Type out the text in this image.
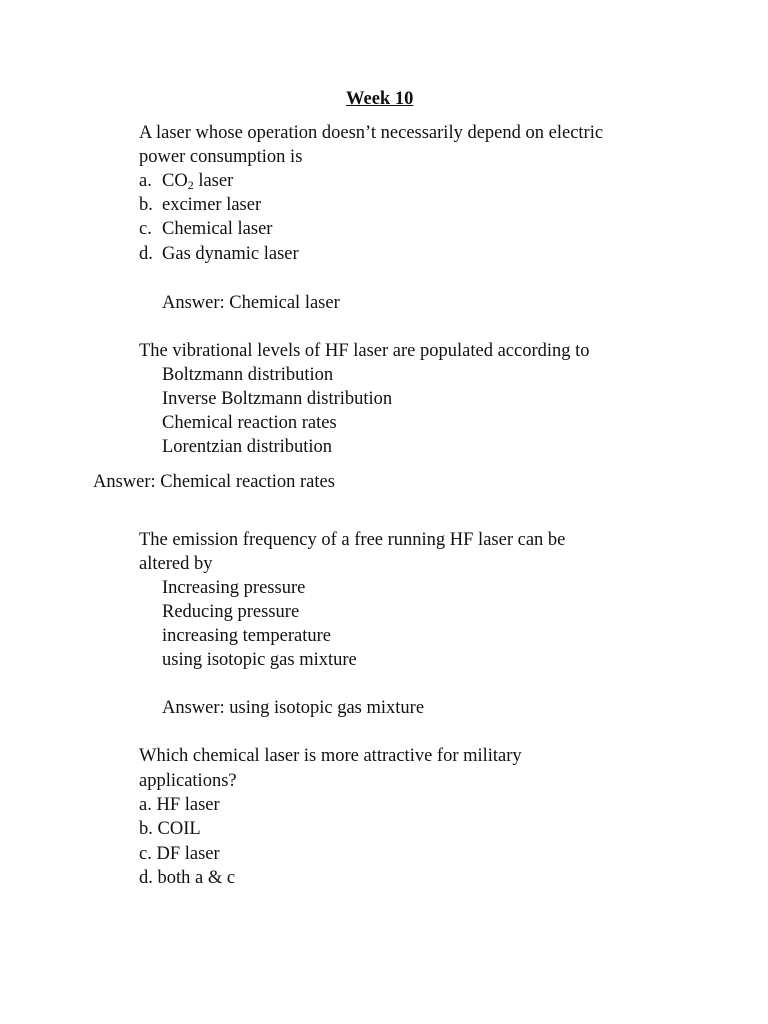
Week 10
A laser whose operation doesn’t necessarily depend on electric
power consumption is
a. $CO_2$ laser
b. excimer laser
c. Chemical laser
d. Gas dynamic laser
Answer: Chemical laser
The vibrational levels of HF laser are populated according to
Boltzmann distribution
Inverse Boltzmann distribution
Chemical reaction rates
Lorentzian distribution
Answer: Chemical reaction rates
The emission frequency of a free running HF laser can be
altered by
Increasing pressure
Reducing pressure
increasing temperature
using isotopic gas mixture
Answer: using isotopic gas mixture
Which chemical laser is more attractive for military
applications?
a. HF laser
b. COIL
c. DF laser
d. both a & c
